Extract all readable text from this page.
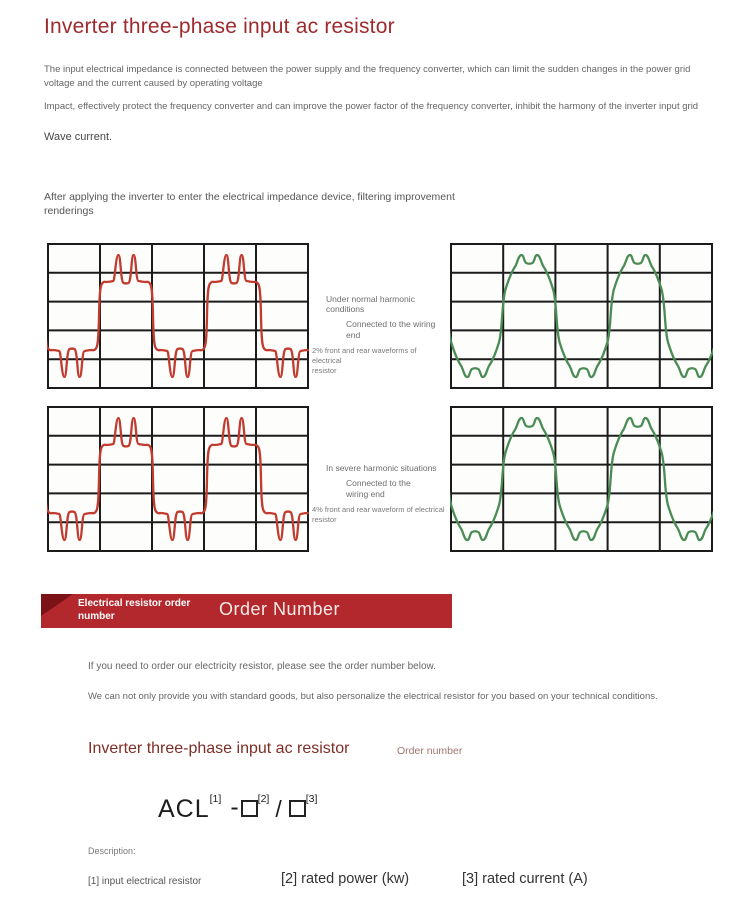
Inverter three-phase input ac resistor
The input electrical impedance is connected between the power supply and the frequency converter, which can limit the sudden changes in the power grid voltage and the current caused by operating voltage
Impact, effectively protect the frequency converter and can improve the power factor of the frequency converter, inhibit the harmony of the inverter input grid
Wave current.
After applying the inverter to enter the electrical impedance device, filtering improvement renderings
Under normal harmonic conditions
Connected to the wiring
end
2% front and rear waveforms of electrical
resistor
In severe harmonic situations
Connected to the
wiring end
4% front and rear waveform of electrical
resistor
Electrical resistor order number	Order Number
If you need to order our electricity resistor, please see the order number below.
We can not only provide you with standard goods, but also personalize the electrical resistor for you based on your technical conditions.
Inverter three-phase input ac resistor	Order number
ACL [1] - [2] / [3]
Description:
[1] input electrical resistor	[2] rated power (kw)	[3] rated current (A)
